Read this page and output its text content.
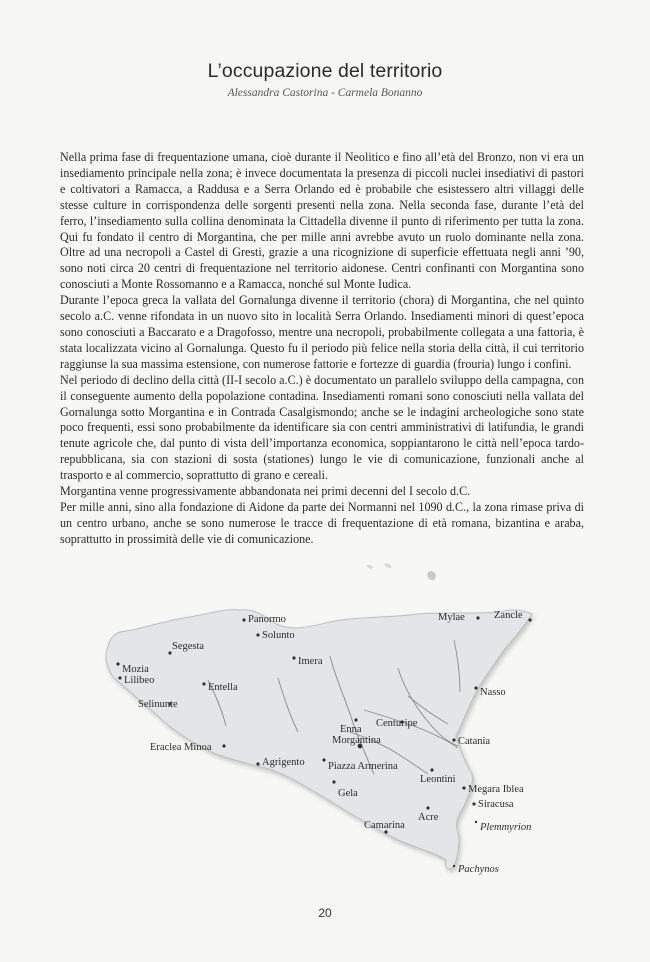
L’occupazione del territorio
Alessandra Castorina - Carmela Bonanno

Nella prima fase di frequentazione umana, cioè durante il Neolitico e fino all’età del Bronzo, non vi era un insediamento principale nella zona; è invece documentata la presenza di piccoli nuclei insediativi di pastori e coltivatori a Ramacca, a Raddusa e a Serra Orlando ed è probabile che esistessero altri villaggi delle stesse culture in corrispondenza delle sorgenti presenti nella zona. Nella seconda fase, durante l’età del ferro, l’insediamento sulla collina denominata la Cittadella divenne il punto di riferimento per tutta la zona. Qui fu fondato il centro di Morgantina, che per mille anni avrebbe avuto un ruolo dominante nella zona. Oltre ad una necropoli a Castel di Gresti, grazie a una ricognizione di superficie effettuata negli anni ’90, sono noti circa 20 centri di frequentazione nel territorio aidonese. Centri confinanti con Morgantina sono conosciuti a Monte Rossomanno e a Ramacca, nonché sul Monte Iudica.

Durante l’epoca greca la vallata del Gornalunga divenne il territorio (chora) di Morgantina, che nel quinto secolo a.C. venne rifondata in un nuovo sito in località Serra Orlando. Insediamenti minori di quest’epoca sono conosciuti a Baccarato e a Dragofosso, mentre una necropoli, probabilmente collegata a una fattoria, è stata localizzata vicino al Gornalunga. Questo fu il periodo più felice nella storia della città, il cui territorio raggiunse la sua massima estensione, con numerose fattorie e fortezze di guardia (frouria) lungo i confini.

Nel periodo di declino della città (II-I secolo a.C.) è documentato un parallelo sviluppo della campagna, con il conseguente aumento della popolazione contadina. Insediamenti romani sono conosciuti nella vallata del Gornalunga sotto Morgantina e in Contrada Casalgismondo; anche se le indagini archeologiche sono state poco frequenti, essi sono probabilmente da identificare sia con centri amministrativi di latifundia, le grandi tenute agricole che, dal punto di vista dell’importanza economica, soppiantarono le città nell’epoca tardo-repubblicana, sia con stazioni di sosta (stationes) lungo le vie di comunicazione, funzionali anche al trasporto e al commercio, soprattutto di grano e cereali.

Morgantina venne progressivamente abbandonata nei primi decenni del I secolo d.C.

Per mille anni, sino alla fondazione di Aidone da parte dei Normanni nel 1090 d.C., la zona rimase priva di un centro urbano, anche se sono numerose le tracce di frequentazione di età romana, bizantina e araba, soprattutto in prossimità delle vie di comunicazione.

Panormo
Soluntо
Segesta
Imera
Mozia
Lilibeo
Entella
Selinunte
Eraclea Minoa
Agrigento
Mylae	Zancle
Nasso
Centuripe
Enna
Morgantina	Catania
Piazza Armerina
Leontini
Gela	Megara Iblea
Siracusa
Acre
Camarina	Plemmyrion
Pachynos
20
